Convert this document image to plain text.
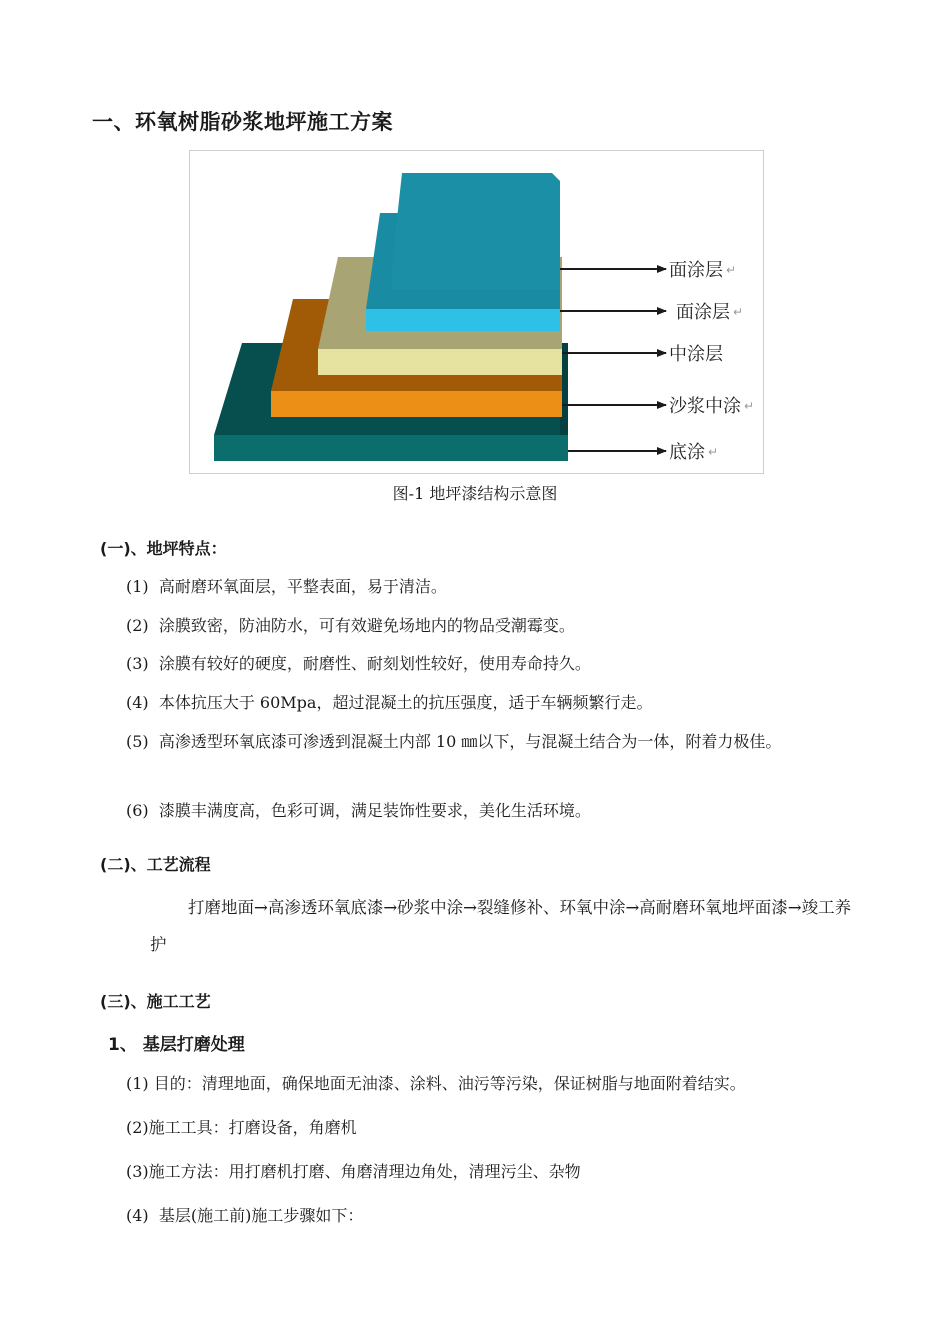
一、环氧树脂砂浆地坪施工方案
面涂层 ↵
面涂层 ↵
中涂层
沙浆中涂 ↵
底涂 ↵
图-1 地坪漆结构示意图
(一)、地坪特点：
(1) 高耐磨环氧面层，平整表面，易于清洁。
(2) 涂膜致密，防油防水，可有效避免场地内的物品受潮霉变。
(3) 涂膜有较好的硬度，耐磨性、耐刻划性较好，使用寿命持久。
(4) 本体抗压大于 60Mpa，超过混凝土的抗压强度，适于车辆频繁行走。
(5) 高渗透型环氧底漆可渗透到混凝土内部 10 ㎜以下，与混凝土结合为一体，附着力极佳。
(6) 漆膜丰满度高，色彩可调，满足装饰性要求，美化生活环境。
(二)、工艺流程
打磨地面→高渗透环氧底漆→砂浆中涂→裂缝修补、环氧中涂→高耐磨环氧地坪面漆→竣工养护
(三)、施工工艺
1、 基层打磨处理
(1) 目的：清理地面，确保地面无油漆、涂料、油污等污染，保证树脂与地面附着结实。
(2)施工工具：打磨设备，角磨机
(3)施工方法：用打磨机打磨、角磨清理边角处，清理污尘、杂物
(4) 基层(施工前)施工步骤如下：
